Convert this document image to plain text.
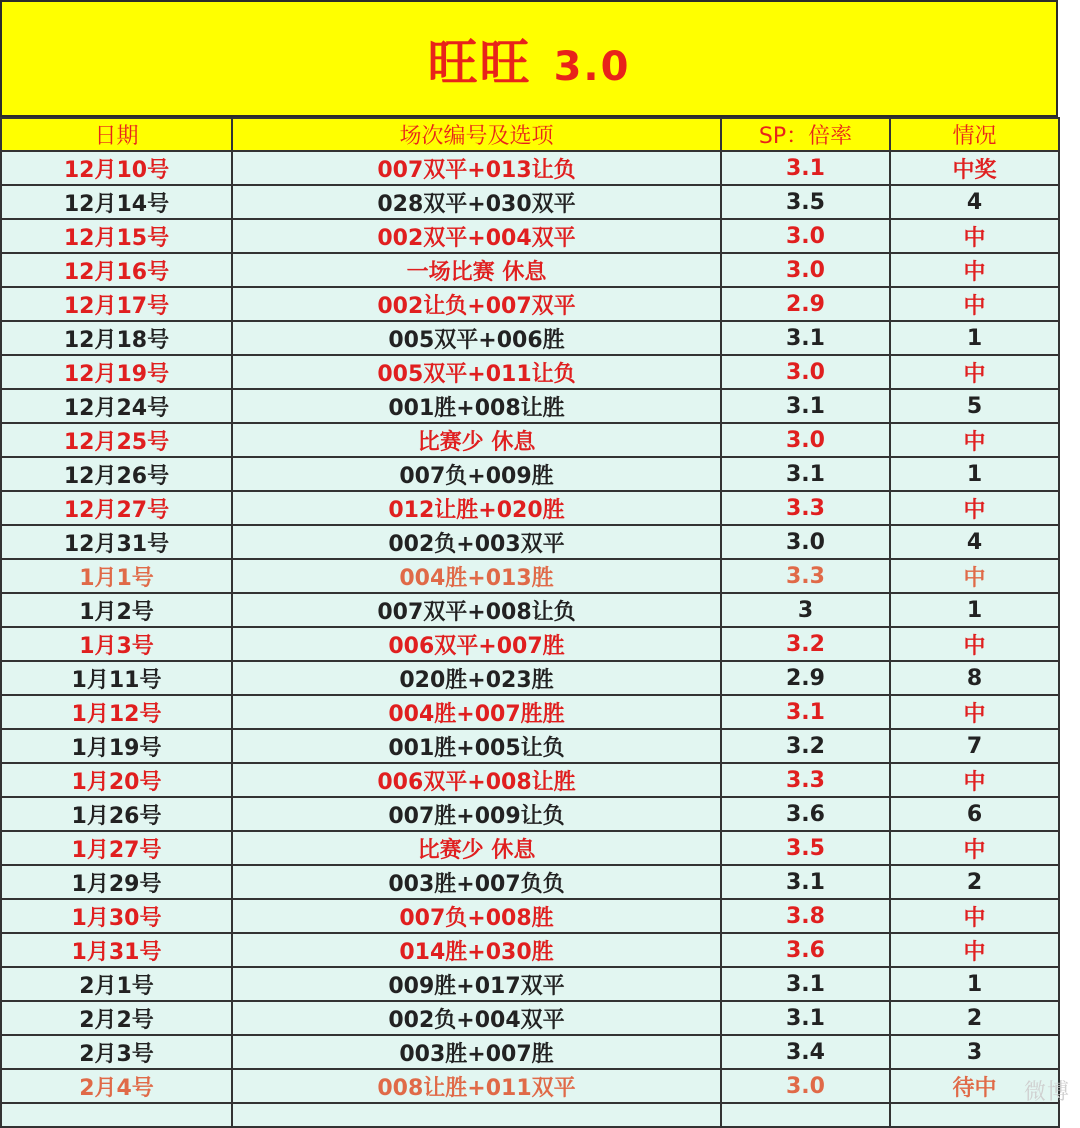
旺旺 3.0
日期	场次编号及选项	SP：倍率	情况
12月10号	007双平+013让负	3.1	中奖
12月14号	028双平+030双平	3.5	4
12月15号	002双平+004双平	3.0	中
12月16号	一场比赛 休息	3.0	中
12月17号	002让负+007双平	2.9	中
12月18号	005双平+006胜	3.1	1
12月19号	005双平+011让负	3.0	中
12月24号	001胜+008让胜	3.1	5
12月25号	比赛少 休息	3.0	中
12月26号	007负+009胜	3.1	1
12月27号	012让胜+020胜	3.3	中
12月31号	002负+003双平	3.0	4
1月1号	004胜+013胜	3.3	中
1月2号	007双平+008让负	3	1
1月3号	006双平+007胜	3.2	中
1月11号	020胜+023胜	2.9	8
1月12号	004胜+007胜胜	3.1	中
1月19号	001胜+005让负	3.2	7
1月20号	006双平+008让胜	3.3	中
1月26号	007胜+009让负	3.6	6
1月27号	比赛少 休息	3.5	中
1月29号	003胜+007负负	3.1	2
1月30号	007负+008胜	3.8	中
1月31号	014胜+030胜	3.6	中
2月1号	009胜+017双平	3.1	1
2月2号	002负+004双平	3.1	2
2月3号	003胜+007胜	3.4	3
2月4号	008让胜+011双平	3.0	待中
			微博
